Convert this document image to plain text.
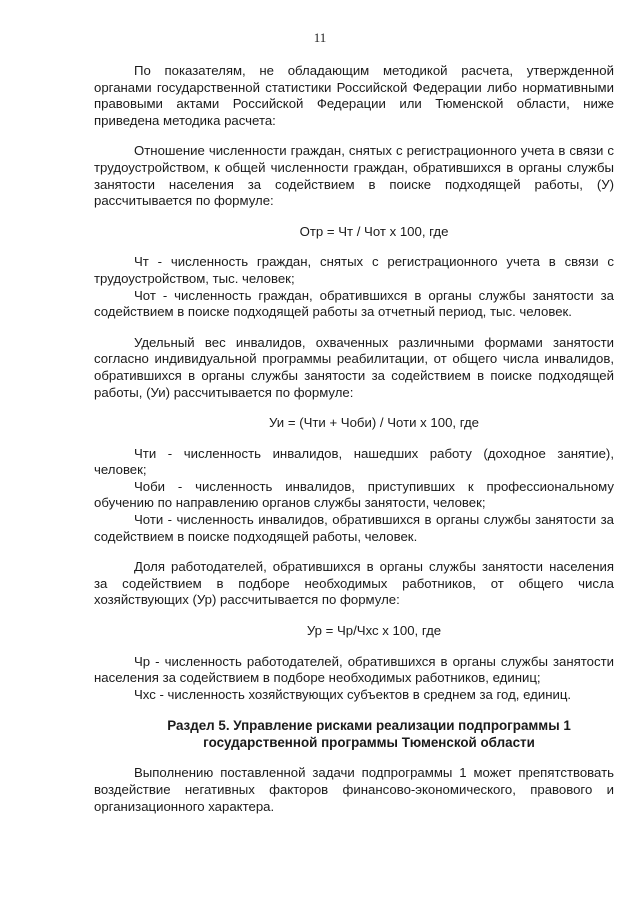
11

По показателям, не обладающим методикой расчета, утвержденной органами государственной статистики Российской Федерации либо нормативными правовыми актами Российской Федерации или Тюменской области, ниже приведена методика расчета:

Отношение численности граждан, снятых с регистрационного учета в связи с трудоустройством, к общей численности граждан, обратившихся в органы службы занятости населения за содействием в поиске подходящей работы, (У) рассчитывается по формуле:

Отр = Чт / Чот х 100, где

Чт - численность граждан, снятых с регистрационного учета в связи с трудоустройством, тыс. человек;

Чот - численность граждан, обратившихся в органы службы занятости за содействием в поиске подходящей работы за отчетный период, тыс. человек.

Удельный вес инвалидов, охваченных различными формами занятости согласно индивидуальной программы реабилитации, от общего числа инвалидов, обратившихся в органы службы занятости за содействием в поиске подходящей работы, (Уи) рассчитывается по формуле:

Уи = (Чти + Чоби) / Чоти х 100, где

Чти - численность инвалидов, нашедших работу (доходное занятие), человек;

Чоби - численность инвалидов, приступивших к профессиональному обучению по направлению органов службы занятости, человек;

Чоти - численность инвалидов, обратившихся в органы службы занятости за содействием в поиске подходящей работы, человек.

Доля работодателей, обратившихся в органы службы занятости населения за содействием в подборе необходимых работников, от общего числа хозяйствующих (Ур) рассчитывается по формуле:

Ур = Чр/Чхс х 100, где

Чр - численность работодателей, обратившихся в органы службы занятости населения за содействием в подборе необходимых работников, единиц;

Чхс - численность хозяйствующих субъектов в среднем за год, единиц.

Раздел 5. Управление рисками реализации подпрограммы 1

государственной программы Тюменской области

Выполнению поставленной задачи подпрограммы 1 может препятствовать воздействие негативных факторов финансово-экономического, правового и организационного характера.
